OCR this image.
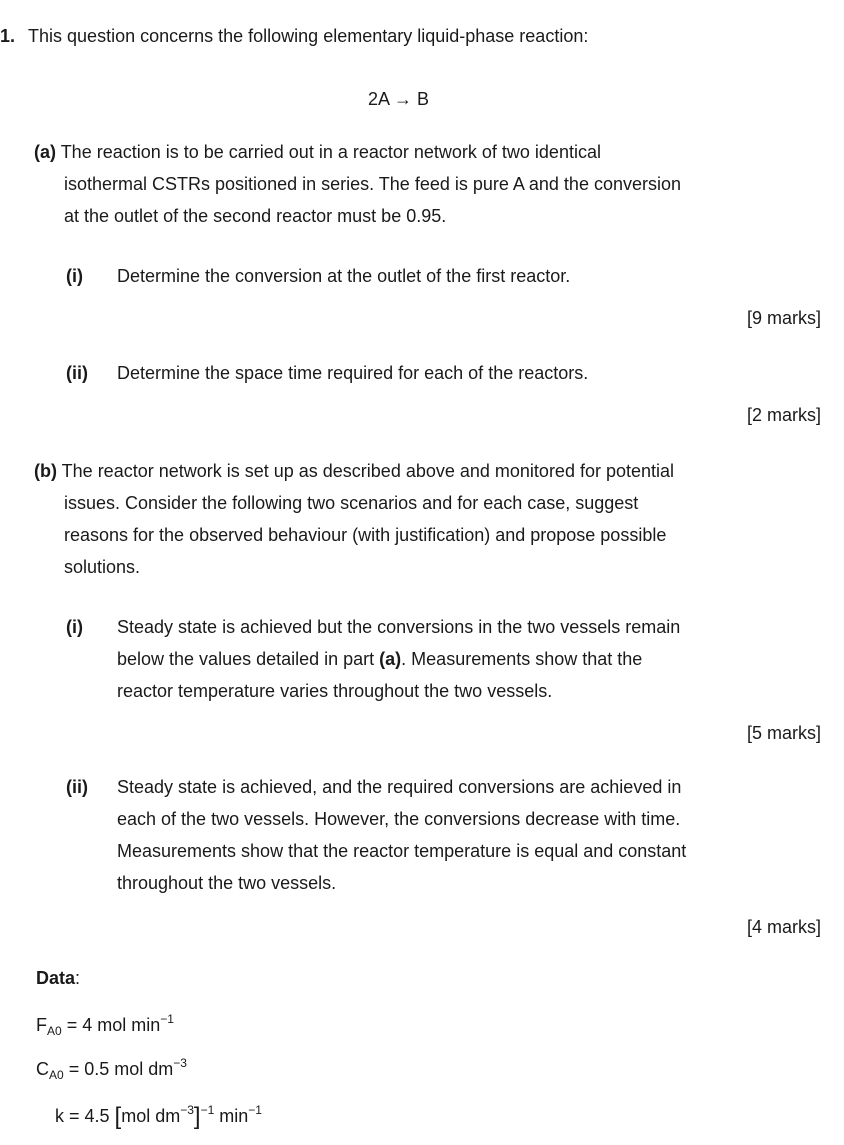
1. This question concerns the following elementary liquid-phase reaction:
2A → B
(a) The reaction is to be carried out in a reactor network of two identical
isothermal CSTRs positioned in series. The feed is pure A and the conversion
at the outlet of the second reactor must be 0.95.
(i) Determine the conversion at the outlet of the first reactor.
[9 marks]
(ii) Determine the space time required for each of the reactors.
[2 marks]
(b) The reactor network is set up as described above and monitored for potential
issues. Consider the following two scenarios and for each case, suggest
reasons for the observed behaviour (with justification) and propose possible
solutions.
(i) Steady state is achieved but the conversions in the two vessels remain
below the values detailed in part (a). Measurements show that the
reactor temperature varies throughout the two vessels.
[5 marks]
(ii) Steady state is achieved, and the required conversions are achieved in
each of the two vessels. However, the conversions decrease with time.
Measurements show that the reactor temperature is equal and constant
throughout the two vessels.
[4 marks]
Data:
$F_{A0} = 4$ mol $\min^{-1}$
$C_{A0} = 0.5$ mol $dm^{-3}$
k = 4.5 [mol $dm^{-3}]^{-1}$ $\min^{-1}$
